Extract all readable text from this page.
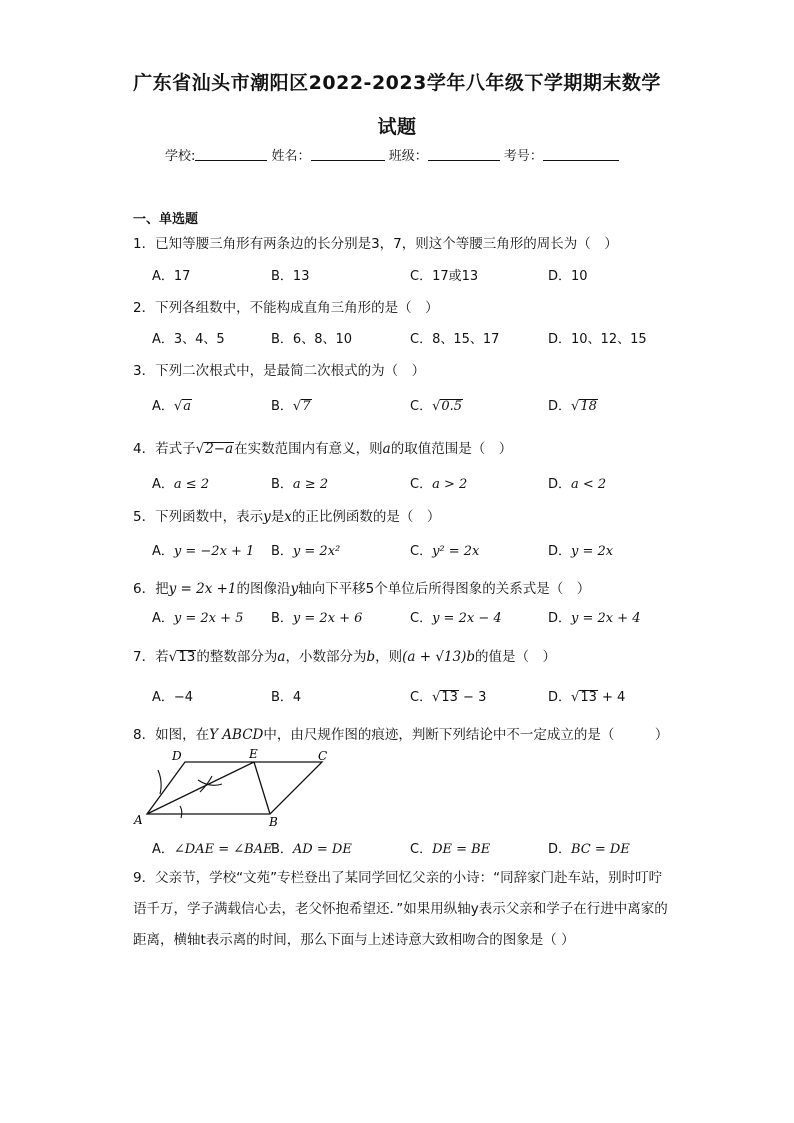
广东省汕头市潮阳区2022-2023学年八年级下学期期末数学
试题
学校:	姓名：	班级：	考号：
一、单选题
1．已知等腰三角形有两条边的长分别是3，7，则这个等腰三角形的周长为（　）
A．17	B．13	C．17或13	D．10
2．下列各组数中，不能构成直角三角形的是（　）
A．3、4、5	B．6、8、10	C．8、15、17	D．10、12、15
3．下列二次根式中，是最简二次根式的为（　）
A．√a	B．√7	C．√0.5	D．√18
4．若式子√2−a在实数范围内有意义，则a的取值范围是（　）
A．a ≤ 2	B．a ≥ 2	C．a > 2	D．a < 2
5．下列函数中，表示y是x的正比例函数的是（　）
A．y = −2x + 1 B．y = 2x²	C．y² = 2x	D．y = 2x
6．把y = 2x +1的图像沿y轴向下平移5个单位后所得图象的关系式是（　）
A．y = 2x + 5 B．y = 2x + 6	C．y = 2x − 4	D．y = 2x + 4
7．若√13的整数部分为a，小数部分为b，则(a + √13)b的值是（　）
A．−4	B．4	C．√13 − 3	D．√13 + 4
8．如图，在Y ABCD中，由尺规作图的痕迹，判断下列结论中不一定成立的是（　　　）
A	B
C
D	E
A．∠DAE = ∠BAE
B．AD = DE	C．DE = BE	D．BC = DE
9．父亲节，学校“文苑”专栏登出了某同学回忆父亲的小诗：“同辞家门赴车站，别时叮咛语千万，学子满载信心去，老父怀抱希望还．”如果用纵轴y表示父亲和学子在行进中离家的距离，横轴t表示离的时间，那么下面与上述诗意大致相吻合的图象是（ ）
